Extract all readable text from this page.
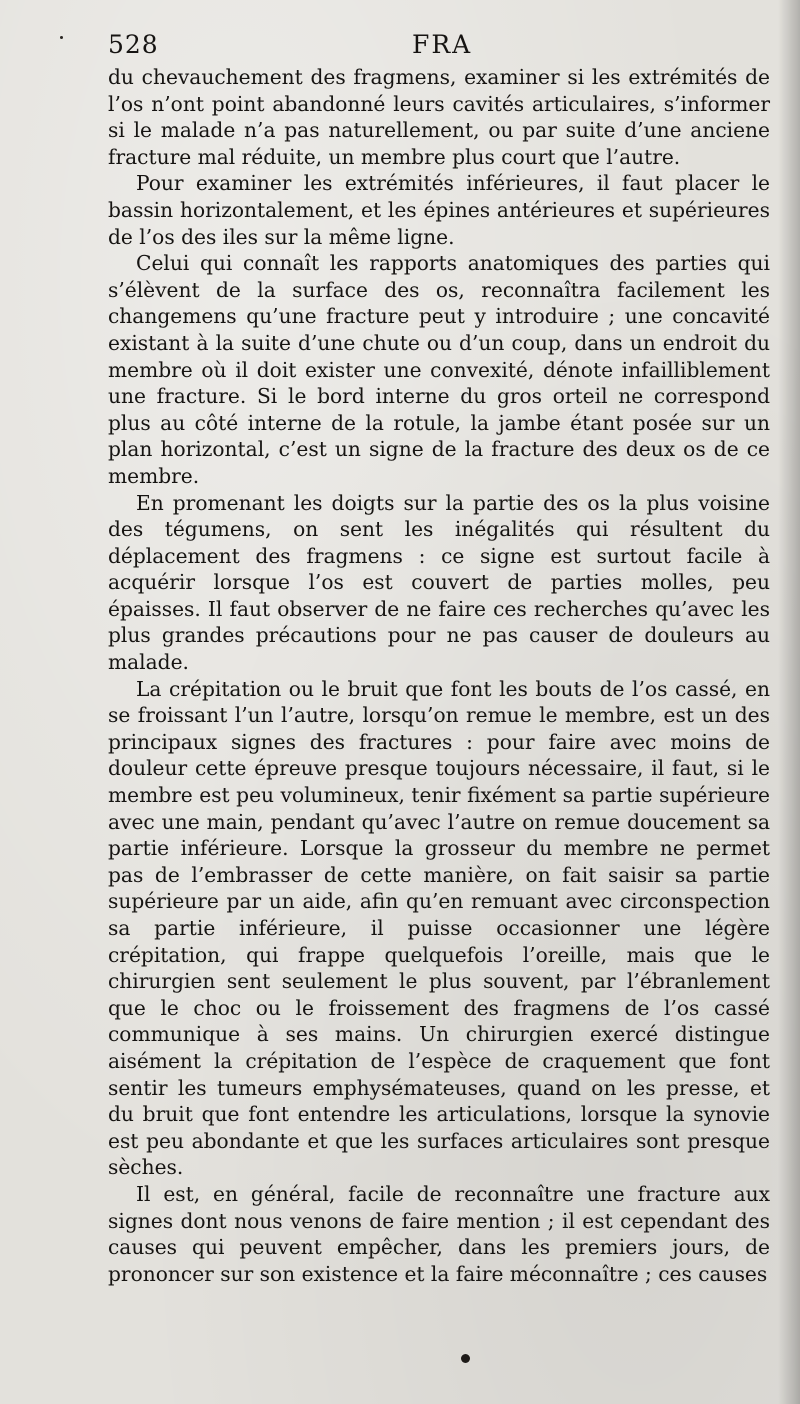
528	FRA

du chevauchement des fragmens, examiner si les extrémités de l’os n’ont point abandonné leurs cavités articulaires, s’informer si le malade n’a pas naturellement, ou par suite d’une anciene fracture mal réduite, un membre plus court que l’autre.

Pour examiner les extrémités inférieures, il faut placer le bassin horizontalement, et les épines antérieures et supérieures de l’os des iles sur la même ligne.

Celui qui connaît les rapports anatomiques des parties qui s’élèvent de la surface des os, reconnaîtra facilement les changemens qu’une fracture peut y introduire ; une concavité existant à la suite d’une chute ou d’un coup, dans un endroit du membre où il doit exister une convexité, dénote infailliblement une fracture. Si le bord interne du gros orteil ne correspond plus au côté interne de la rotule, la jambe étant posée sur un plan horizontal, c’est un signe de la fracture des deux os de ce membre.

En promenant les doigts sur la partie des os la plus voisine des tégumens, on sent les inégalités qui résultent du déplacement des fragmens : ce signe est surtout facile à acquérir lorsque l’os est couvert de parties molles, peu épaisses. Il faut observer de ne faire ces recherches qu’avec les plus grandes précautions pour ne pas causer de douleurs au malade.

La crépitation ou le bruit que font les bouts de l’os cassé, en se froissant l’un l’autre, lorsqu’on remue le membre, est un des principaux signes des fractures : pour faire avec moins de douleur cette épreuve presque toujours nécessaire, il faut, si le membre est peu volumineux, tenir fixément sa partie supérieure avec une main, pendant qu’avec l’autre on remue doucement sa partie inférieure. Lorsque la grosseur du membre ne permet pas de l’embrasser de cette manière, on fait saisir sa partie supérieure par un aide, afin qu’en remuant avec circonspection sa partie inférieure, il puisse occasionner une légère crépitation, qui frappe quelquefois l’oreille, mais que le chirurgien sent seulement le plus souvent, par l’ébranlement que le choc ou le froissement des fragmens de l’os cassé communique à ses mains. Un chirurgien exercé distingue aisément la crépitation de l’espèce de craquement que font sentir les tumeurs emphysémateuses, quand on les presse, et du bruit que font entendre les articulations, lorsque la synovie est peu abondante et que les surfaces articulaires sont presque sèches.

Il est, en général, facile de reconnaître une fracture aux signes dont nous venons de faire mention ; il est cependant des causes qui peuvent empêcher, dans les premiers jours, de prononcer sur son existence et la faire méconnaître ; ces causes
